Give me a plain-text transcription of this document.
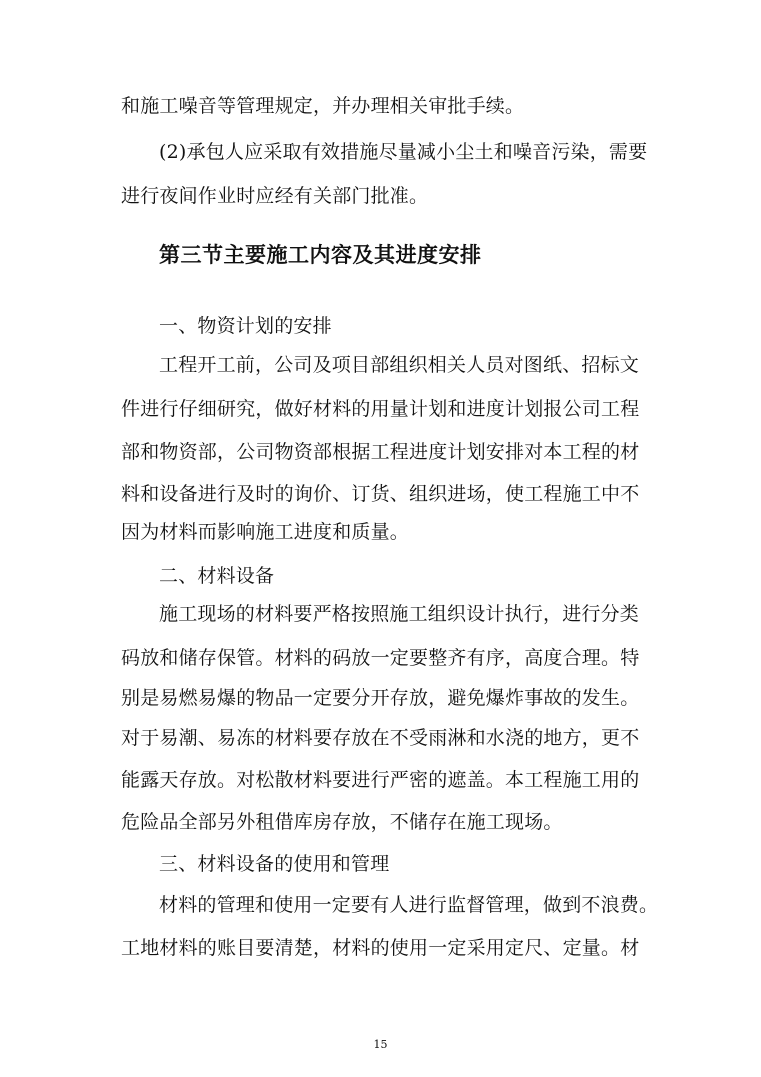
和施工噪音等管理规定，并办理相关审批手续。
(2)承包人应采取有效措施尽量减小尘土和噪音污染，需要
进行夜间作业时应经有关部门批准。
第三节主要施工内容及其进度安排
一、物资计划的安排
工程开工前，公司及项目部组织相关人员对图纸、招标文
件进行仔细研究，做好材料的用量计划和进度计划报公司工程
部和物资部，公司物资部根据工程进度计划安排对本工程的材
料和设备进行及时的询价、订货、组织进场，使工程施工中不
因为材料而影响施工进度和质量。
二、材料设备
施工现场的材料要严格按照施工组织设计执行，进行分类
码放和储存保管。材料的码放一定要整齐有序，高度合理。特
别是易燃易爆的物品一定要分开存放，避免爆炸事故的发生。
对于易潮、易冻的材料要存放在不受雨淋和水浇的地方，更不
能露天存放。对松散材料要进行严密的遮盖。本工程施工用的
危险品全部另外租借库房存放，不储存在施工现场。
三、材料设备的使用和管理
材料的管理和使用一定要有人进行监督管理，做到不浪费。
工地材料的账目要清楚，材料的使用一定采用定尺、定量。材
15
